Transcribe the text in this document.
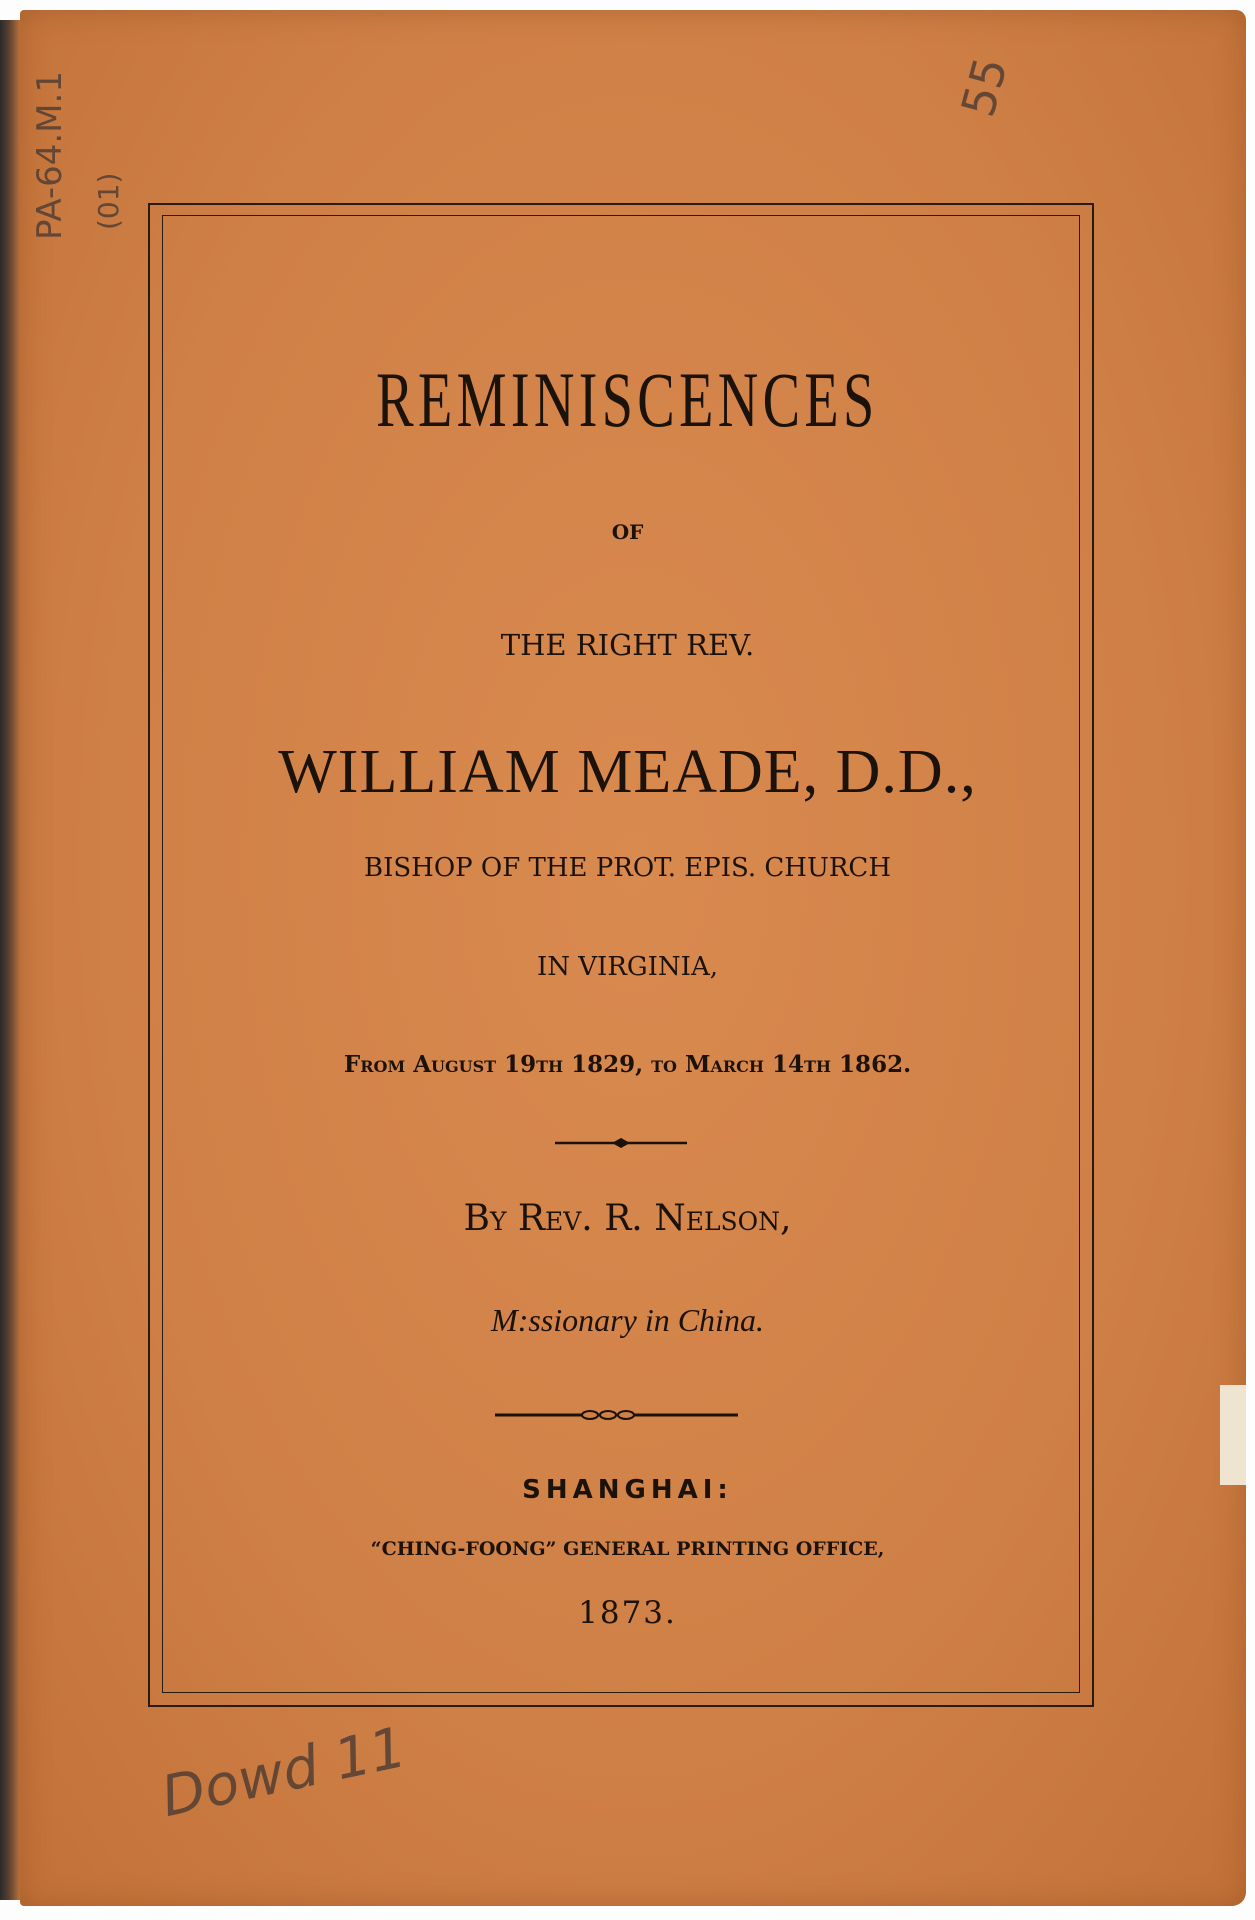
PA-64.M.1 (01)
55
Dowd 11
REMINISCENCES
OF
THE RIGHT REV.
WILLIAM MEADE, D.D.,
BISHOP OF THE PROT. EPIS. CHURCH
IN VIRGINIA,
From August 19th 1829, to March 14th 1862.
By Rev. R. Nelson,
M:ssionary in China.
SHANGHAI:
“CHING-FOONG” GENERAL PRINTING OFFICE,
1873.
